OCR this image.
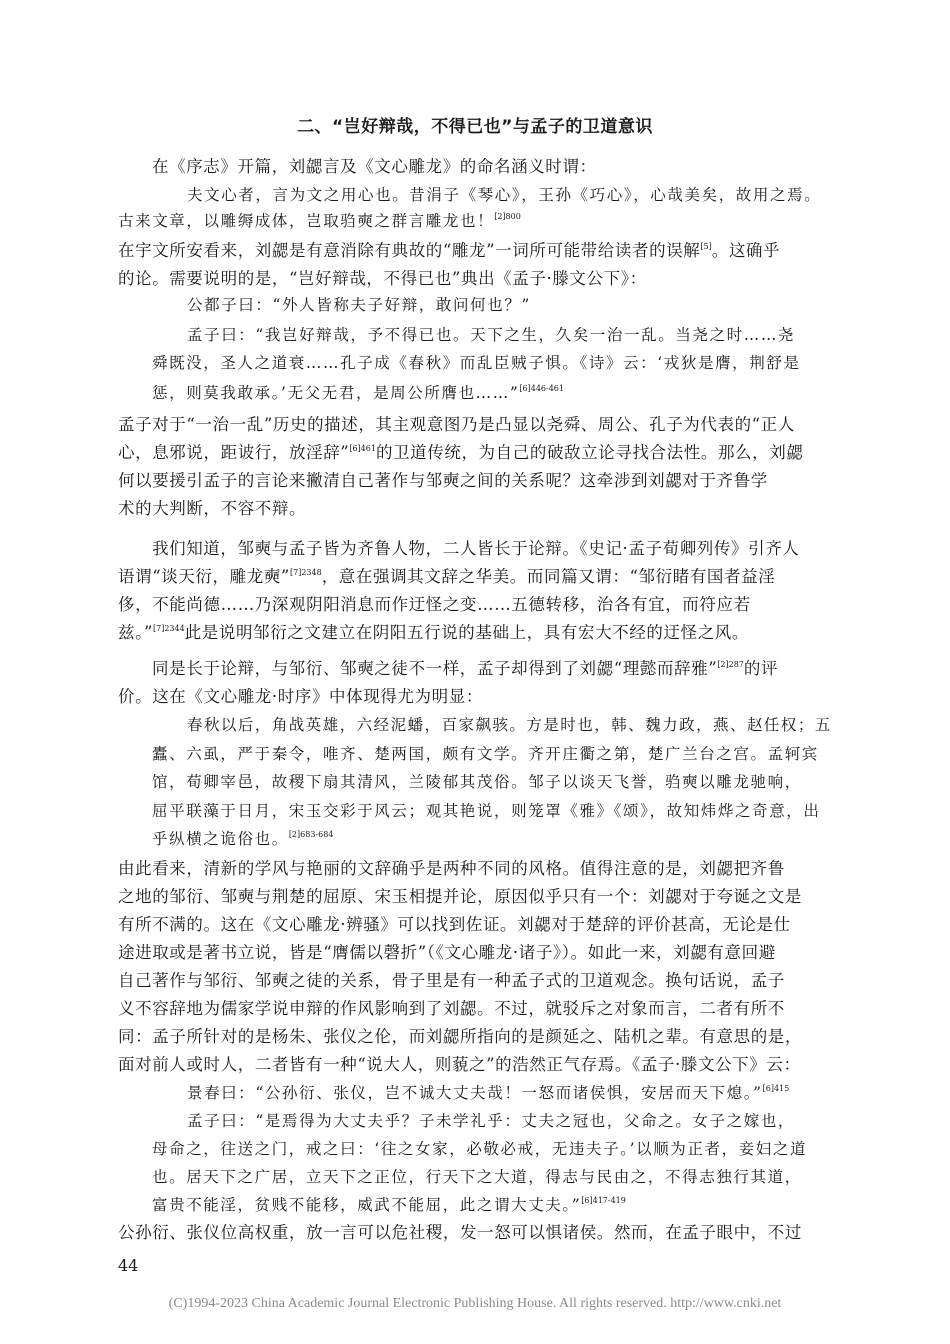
二、“岂好辩哉，不得已也”与孟子的卫道意识
在《序志》开篇，刘勰言及《文心雕龙》的命名涵义时谓：
夫文心者，言为文之用心也。昔涓子《琴心》，王孙《巧心》，心哉美矣，故用之焉。
古来文章，以雕缛成体，岂取驺奭之群言雕龙也！$^{[2]800}$
在宇文所安看来，刘勰是有意消除有典故的“雕龙”一词所可能带给读者的误解[5]。这确乎
的论。需要说明的是，“岂好辩哉，不得已也”典出《孟子·滕文公下》：
公都子曰：“外人皆称夫子好辩，敢问何也？”
孟子曰：“我岂好辩哉，予不得已也。天下之生，久矣一治一乱。当尧之时……尧
舜既没，圣人之道衰……孔子成《春秋》而乱臣贼子惧。《诗》云：‘戎狄是膺，荆舒是
惩，则莫我敢承。’无父无君，是周公所膺也……”$^{[6]446-461}$
孟子对于“一治一乱”历史的描述，其主观意图乃是凸显以尧舜、周公、孔子为代表的“正人
心，息邪说，距诐行，放淫辞”$^{[6]461}$的卫道传统，为自己的破敌立论寻找合法性。那么，刘勰
何以要援引孟子的言论来撇清自己著作与邹奭之间的关系呢？这牵涉到刘勰对于齐鲁学
术的大判断，不容不辩。
我们知道，邹奭与孟子皆为齐鲁人物，二人皆长于论辩。《史记·孟子荀卿列传》引齐人
语谓“谈天衍，雕龙奭”$^{[7]2348}$，意在强调其文辞之华美。而同篇又谓：“邹衍睹有国者益淫
侈，不能尚德……乃深观阴阳消息而作迂怪之变……五德转移，治各有宜，而符应若
兹。”$^{[7]2344}$此是说明邹衍之文建立在阴阳五行说的基础上，具有宏大不经的迂怪之风。
同是长于论辩，与邹衍、邹奭之徒不一样，孟子却得到了刘勰“理懿而辞雅”$^{[2]287}$的评
价。这在《文心雕龙·时序》中体现得尤为明显：
春秋以后，角战英雄，六经泥蟠，百家飙骇。方是时也，韩、魏力政，燕、赵任权；五
蠹、六虱，严于秦令，唯齐、楚两国，颇有文学。齐开庄衢之第，楚广兰台之宫。孟轲宾
馆，荀卿宰邑，故稷下扇其清风，兰陵郁其茂俗。邹子以谈天飞誉，驺奭以雕龙驰响，
屈平联藻于日月，宋玉交彩于风云；观其艳说，则笼罩《雅》《颂》，故知炜烨之奇意，出
乎纵横之诡俗也。$^{[2]683-684}$
由此看来，清新的学风与艳丽的文辞确乎是两种不同的风格。值得注意的是，刘勰把齐鲁
之地的邹衍、邹奭与荆楚的屈原、宋玉相提并论，原因似乎只有一个：刘勰对于夸诞之文是
有所不满的。这在《文心雕龙·辨骚》可以找到佐证。刘勰对于楚辞的评价甚高，无论是仕
途进取或是著书立说，皆是“膺儒以磬折”（《文心雕龙·诸子》）。如此一来，刘勰有意回避
自己著作与邹衍、邹奭之徒的关系，骨子里是有一种孟子式的卫道观念。换句话说，孟子
义不容辞地为儒家学说申辩的作风影响到了刘勰。不过，就驳斥之对象而言，二者有所不
同：孟子所针对的是杨朱、张仪之伦，而刘勰所指向的是颜延之、陆机之辈。有意思的是，
面对前人或时人，二者皆有一种“说大人，则藐之”的浩然正气存焉。《孟子·滕文公下》云：
景春曰：“公孙衍、张仪，岂不诚大丈夫哉！一怒而诸侯惧，安居而天下熄。”$^{[6]415}$
孟子曰：“是焉得为大丈夫乎？子未学礼乎：丈夫之冠也，父命之。女子之嫁也，
母命之，往送之门，戒之曰：‘往之女家，必敬必戒，无违夫子。’以顺为正者，妾妇之道
也。居天下之广居，立天下之正位，行天下之大道，得志与民由之，不得志独行其道，
富贵不能淫，贫贱不能移，威武不能屈，此之谓大丈夫。”$^{[6]417-419}$
公孙衍、张仪位高权重，放一言可以危社稷，发一怒可以惧诸侯。然而，在孟子眼中，不过
44
(C)1994-2023 China Academic Journal Electronic Publishing House. All rights reserved. http://www.cnki.net
